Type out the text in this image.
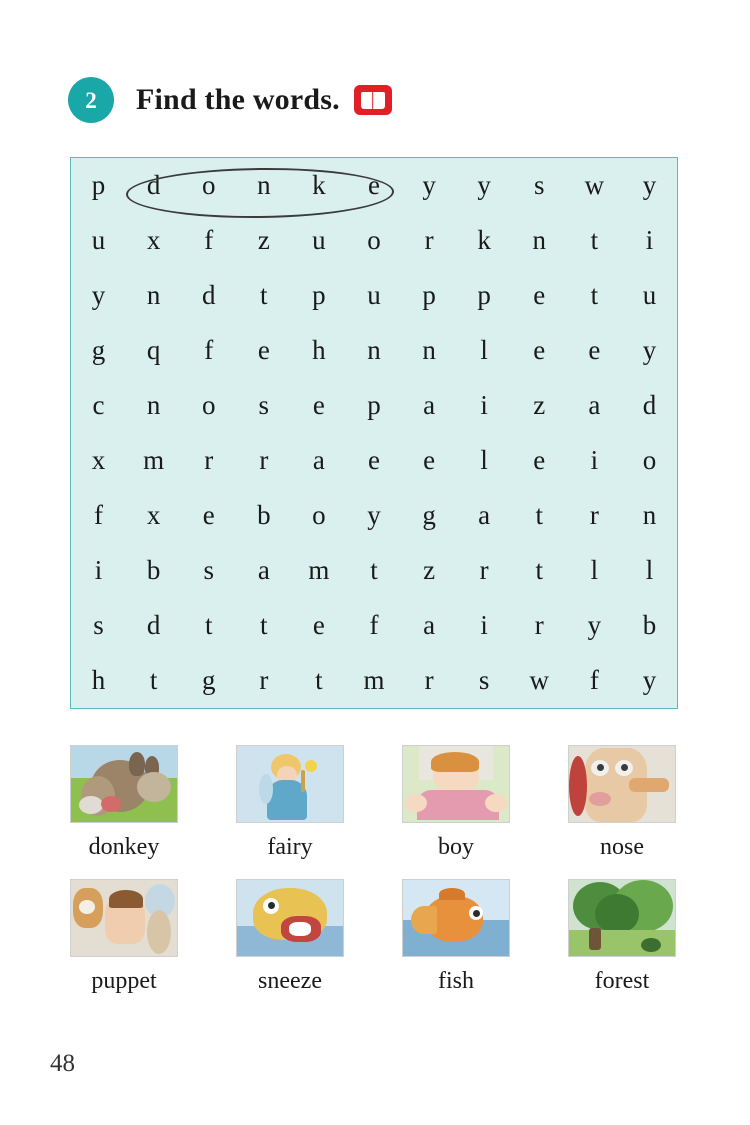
2	Find the words.
p	d	o	n	k	e	y	y	s	w	y
u	x	f	z	u	o	r	k	n	t	i
y	n	d	t	p	u	p	p	e	t	u
g	q	f	e	h	n	n	l	e	e	y
c	n	o	s	e	p	a	i	z	a	d
x	m	r	r	a	e	e	l	e	i	o
f	x	e	b	o	y	g	a	t	r	n
i	b	s	a	m	t	z	r	t	l	l
s	d	t	t	e	f	a	i	r	y	b
h	t	g	r	t	m	r	s	w	f	y
donkey	fairy	boy	nose
puppet	sneeze	fish	forest
48
